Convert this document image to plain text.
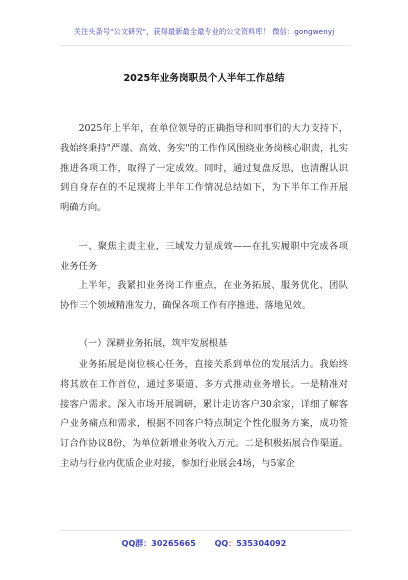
关注头条号"公文研究"，获得最新最全最专业的公文资料库！ 微信：gongwenyj
2025年业务岗职员个人半年工作总结
2025年上半年，在单位领导的正确指导和同事们的大力支持下，我始终秉持"严谨、高效、务实"的工作作风围绕业务岗核心职责，扎实推进各项工作，取得了一定成效。同时，通过复盘反思，也清醒认识到自身存在的不足现将上半年工作情况总结如下，为下半年工作开展明确方向。
一、聚焦主责主业，三域发力显成效——在扎实履职中完成各项业务任务
上半年，我紧扣业务岗工作重点，在业务拓展、服务优化、团队协作三个领域精准发力，确保各项工作有序推进、落地见效。
（一）深耕业务拓展，筑牢发展根基
业务拓展是岗位核心任务，直接关系到单位的发展活力。我始终将其放在工作首位，通过多渠道、多方式推动业务增长。一是精准对接客户需求。深入市场开展调研，累计走访客户30余家，详细了解客户业务痛点和需求，根据不同客户特点制定个性化服务方案，成功签订合作协议8份，为单位新增业务收入万元。二是积极拓展合作渠道。主动与行业内优质企业对接，参加行业展会4场，与5家企
QQ群：30265665 QQ：535304092
